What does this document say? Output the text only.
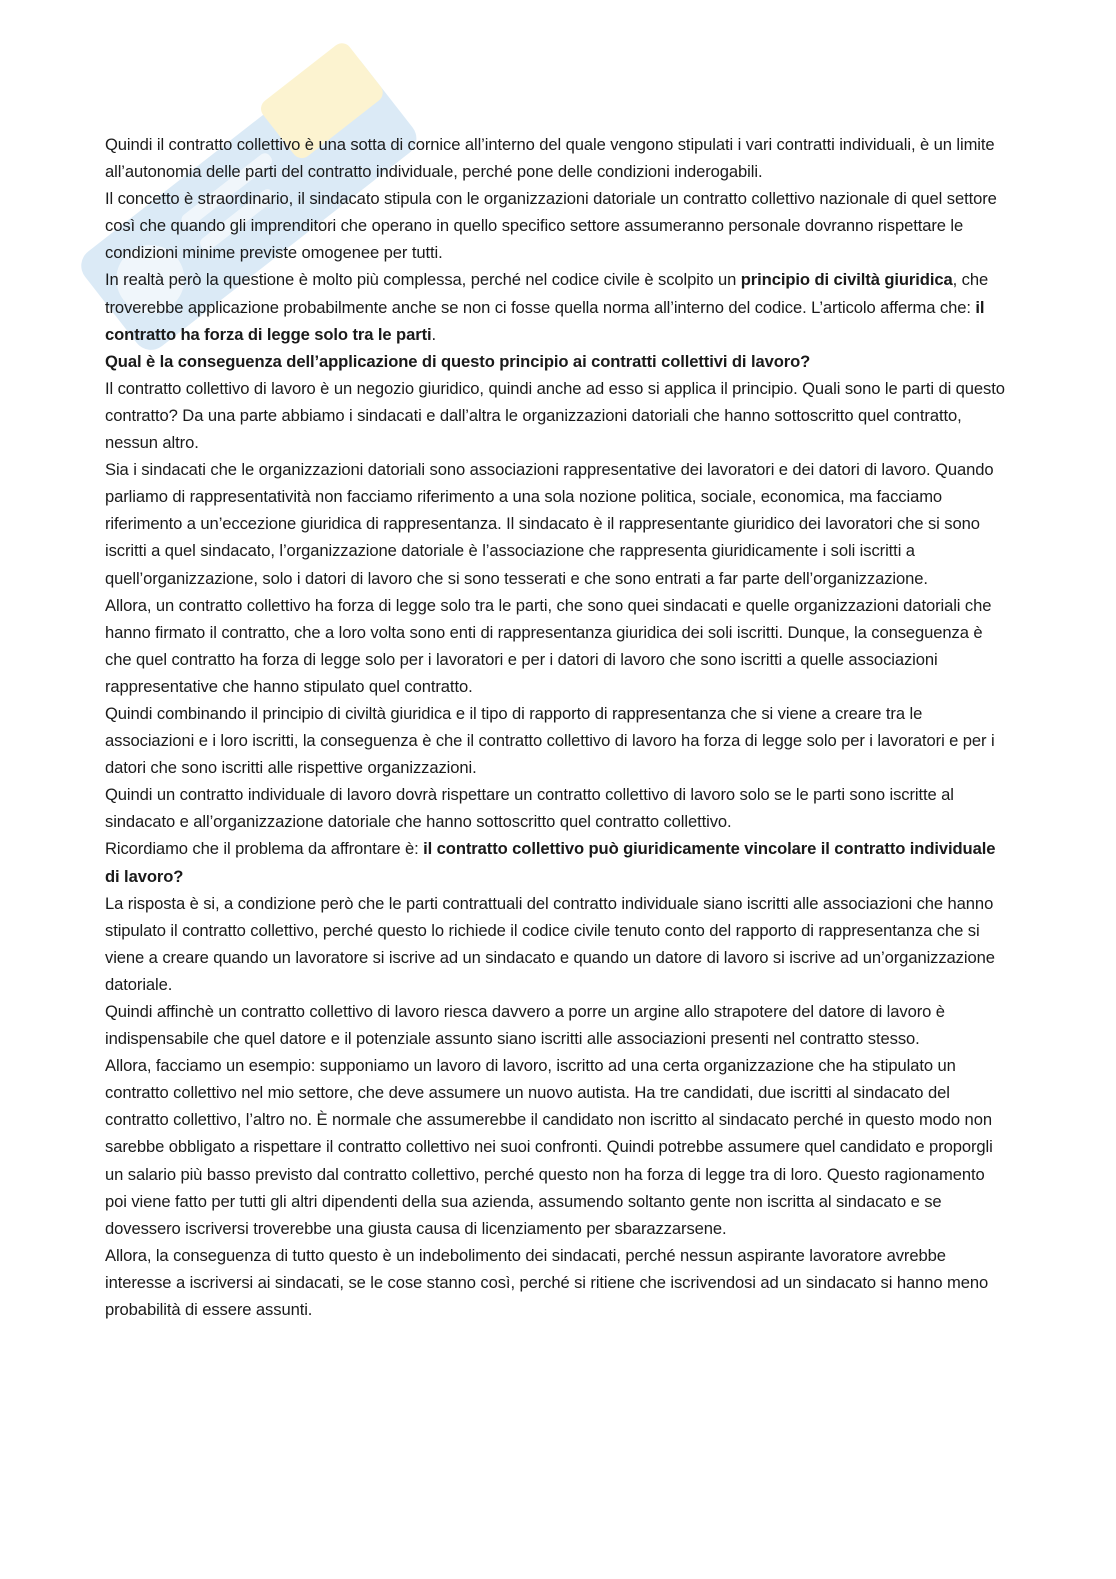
Quindi il contratto collettivo è una sotta di cornice all’interno del quale vengono stipulati i vari contratti individuali, è un limite all’autonomia delle parti del contratto individuale, perché pone delle condizioni inderogabili.

Il concetto è straordinario, il sindacato stipula con le organizzazioni datoriale un contratto collettivo nazionale di quel settore così che quando gli imprenditori che operano in quello specifico settore assumeranno personale dovranno rispettare le condizioni minime previste omogenee per tutti.

In realtà però la questione è molto più complessa, perché nel codice civile è scolpito un principio di civiltà giuridica, che troverebbe applicazione probabilmente anche se non ci fosse quella norma all’interno del codice. L’articolo afferma che: il contratto ha forza di legge solo tra le parti.

Qual è la conseguenza dell’applicazione di questo principio ai contratti collettivi di lavoro?

Il contratto collettivo di lavoro è un negozio giuridico, quindi anche ad esso si applica il principio. Quali sono le parti di questo contratto? Da una parte abbiamo i sindacati e dall’altra le organizzazioni datoriali che hanno sottoscritto quel contratto, nessun altro.

Sia i sindacati che le organizzazioni datoriali sono associazioni rappresentative dei lavoratori e dei datori di lavoro. Quando parliamo di rappresentatività non facciamo riferimento a una sola nozione politica, sociale, economica, ma facciamo riferimento a un’eccezione giuridica di rappresentanza. Il sindacato è il rappresentante giuridico dei lavoratori che si sono iscritti a quel sindacato, l’organizzazione datoriale è l’associazione che rappresenta giuridicamente i soli iscritti a quell’organizzazione, solo i datori di lavoro che si sono tesserati e che sono entrati a far parte dell’organizzazione.

Allora, un contratto collettivo ha forza di legge solo tra le parti, che sono quei sindacati e quelle organizzazioni datoriali che hanno firmato il contratto, che a loro volta sono enti di rappresentanza giuridica dei soli iscritti. Dunque, la conseguenza è che quel contratto ha forza di legge solo per i lavoratori e per i datori di lavoro che sono iscritti a quelle associazioni rappresentative che hanno stipulato quel contratto.

Quindi combinando il principio di civiltà giuridica e il tipo di rapporto di rappresentanza che si viene a creare tra le associazioni e i loro iscritti, la conseguenza è che il contratto collettivo di lavoro ha forza di legge solo per i lavoratori e per i datori che sono iscritti alle rispettive organizzazioni.

Quindi un contratto individuale di lavoro dovrà rispettare un contratto collettivo di lavoro solo se le parti sono iscritte al sindacato e all’organizzazione datoriale che hanno sottoscritto quel contratto collettivo.

Ricordiamo che il problema da affrontare è: il contratto collettivo può giuridicamente vincolare il contratto individuale di lavoro?

La risposta è si, a condizione però che le parti contrattuali del contratto individuale siano iscritti alle associazioni che hanno stipulato il contratto collettivo, perché questo lo richiede il codice civile tenuto conto del rapporto di rappresentanza che si viene a creare quando un lavoratore si iscrive ad un sindacato e quando un datore di lavoro si iscrive ad un’organizzazione datoriale.

Quindi affinchè un contratto collettivo di lavoro riesca davvero a porre un argine allo strapotere del datore di lavoro è indispensabile che quel datore e il potenziale assunto siano iscritti alle associazioni presenti nel contratto stesso.

Allora, facciamo un esempio: supponiamo un lavoro di lavoro, iscritto ad una certa organizzazione che ha stipulato un contratto collettivo nel mio settore, che deve assumere un nuovo autista. Ha tre candidati, due iscritti al sindacato del contratto collettivo, l’altro no. È normale che assumerebbe il candidato non iscritto al sindacato perché in questo modo non sarebbe obbligato a rispettare il contratto collettivo nei suoi confronti. Quindi potrebbe assumere quel candidato e proporgli un salario più basso previsto dal contratto collettivo, perché questo non ha forza di legge tra di loro. Questo ragionamento poi viene fatto per tutti gli altri dipendenti della sua azienda, assumendo soltanto gente non iscritta al sindacato e se dovessero iscriversi troverebbe una giusta causa di licenziamento per sbarazzarsene.

Allora, la conseguenza di tutto questo è un indebolimento dei sindacati, perché nessun aspirante lavoratore avrebbe interesse a iscriversi ai sindacati, se le cose stanno così, perché si ritiene che iscrivendosi ad un sindacato si hanno meno probabilità di essere assunti.
